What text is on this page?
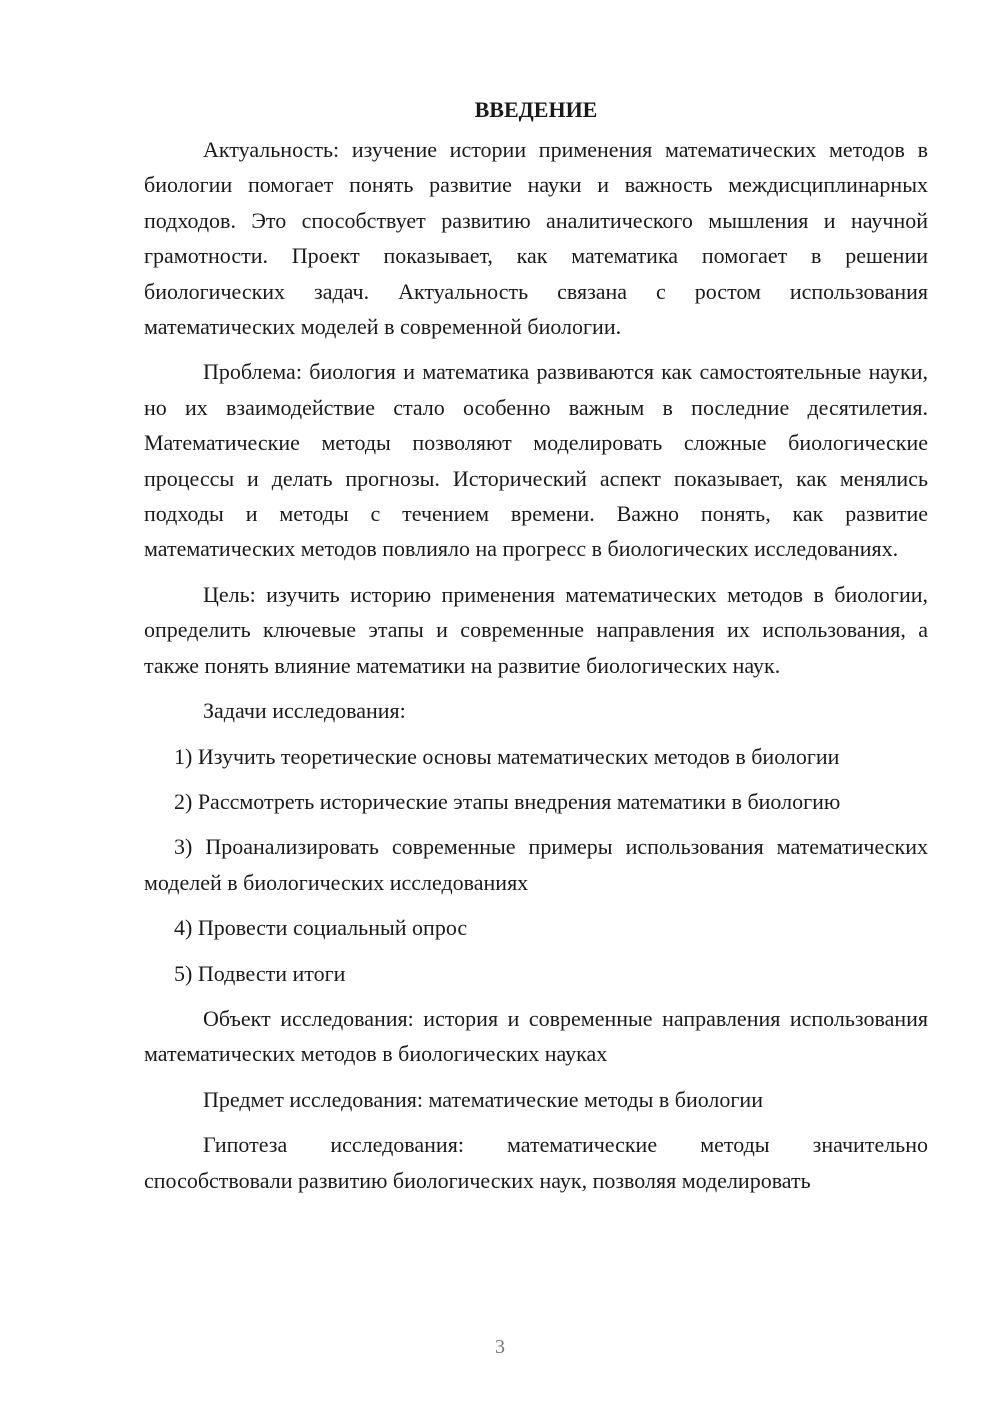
ВВЕДЕНИЕ

Актуальность: изучение истории применения математических методов в биологии помогает понять развитие науки и важность междисциплинарных подходов. Это способствует развитию аналитического мышления и научной грамотности. Проект показывает, как математика помогает в решении биологических задач. Актуальность связана с ростом использования математических моделей в современной биологии.

Проблема: биология и математика развиваются как самостоятельные науки, но их взаимодействие стало особенно важным в последние десятилетия. Математические методы позволяют моделировать сложные биологические процессы и делать прогнозы. Исторический аспект показывает, как менялись подходы и методы с течением времени. Важно понять, как развитие математических методов повлияло на прогресс в биологических исследованиях.

Цель: изучить историю применения математических методов в биологии, определить ключевые этапы и современные направления их использования, а также понять влияние математики на развитие биологических наук.

Задачи исследования:

1) Изучить теоретические основы математических методов в биологии

2) Рассмотреть исторические этапы внедрения математики в биологию

3) Проанализировать современные примеры использования математических моделей в биологических исследованиях

4) Провести социальный опрос

5) Подвести итоги

Объект исследования: история и современные направления использования математических методов в биологических науках

Предмет исследования: математические методы в биологии

Гипотеза исследования: математические методы значительно способствовали развитию биологических наук, позволяя моделировать

3
